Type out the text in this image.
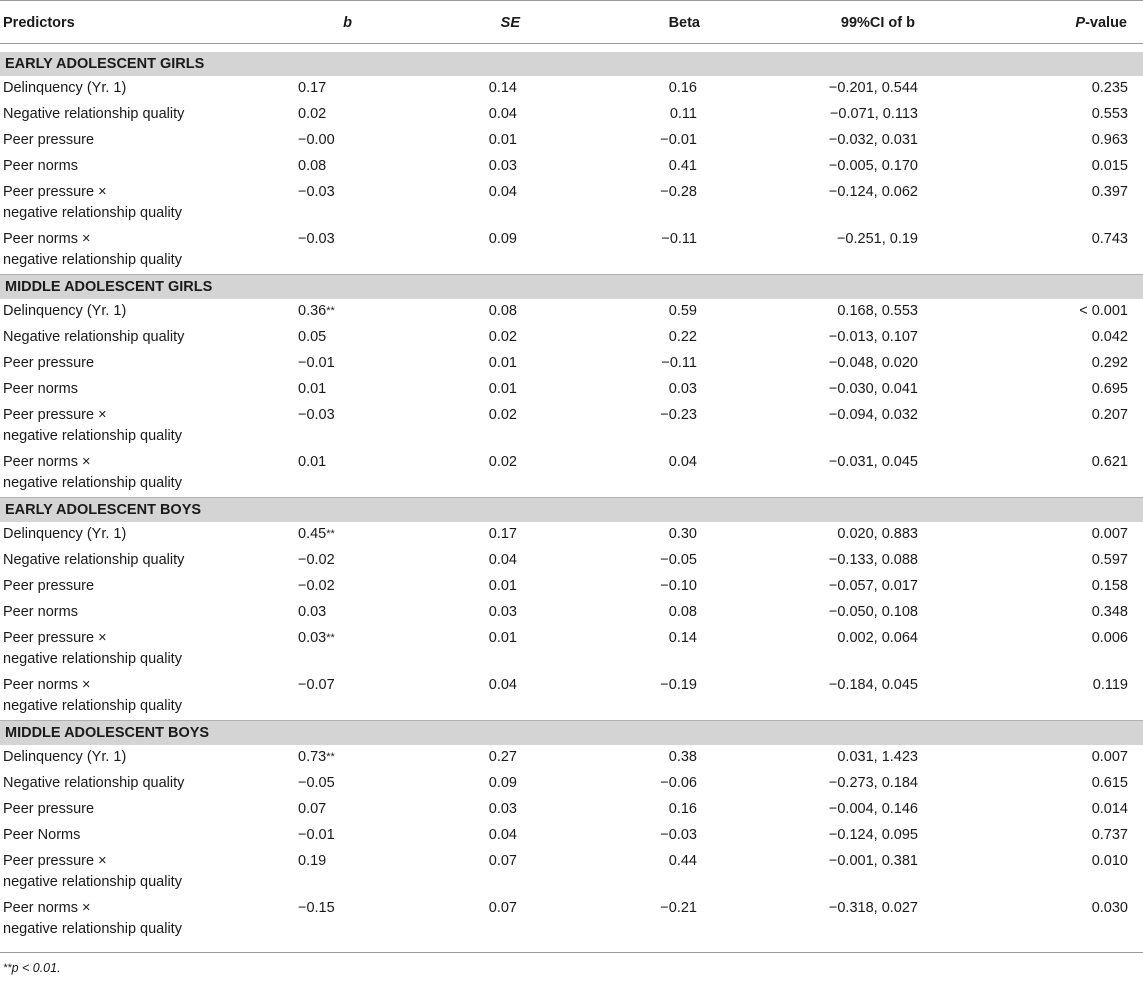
Predictors	b	SE	Beta	99%CI of b	P-value

EARLY ADOLESCENT GIRLS					

Delinquency (Yr. 1)	0.17	0.14	0.16	−0.201, 0.544	0.235

Negative relationship quality	0.02	0.04	0.11	−0.071, 0.113	0.553

Peer pressure	−0.00	0.01	−0.01	−0.032, 0.031	0.963

Peer norms	0.08	0.03	0.41	−0.005, 0.170	0.015

Peer pressure ×
negative relationship quality	−0.03	0.04	−0.28	−0.124, 0.062	0.397

Peer norms ×
negative relationship quality	−0.03	0.09	−0.11	−0.251, 0.19	0.743
MIDDLE ADOLESCENT GIRLS					

Delinquency (Yr. 1)	0.36**	0.08	0.59	0.168, 0.553	< 0.001

Negative relationship quality	0.05	0.02	0.22	−0.013, 0.107	0.042

Peer pressure	−0.01	0.01	−0.11	−0.048, 0.020	0.292

Peer norms	0.01	0.01	0.03	−0.030, 0.041	0.695

Peer pressure ×
negative relationship quality	−0.03	0.02	−0.23	−0.094, 0.032	0.207

Peer norms ×
negative relationship quality	0.01	0.02	0.04	−0.031, 0.045	0.621
EARLY ADOLESCENT BOYS					

Delinquency (Yr. 1)	0.45**	0.17	0.30	0.020, 0.883	0.007

Negative relationship quality	−0.02	0.04	−0.05	−0.133, 0.088	0.597

Peer pressure	−0.02	0.01	−0.10	−0.057, 0.017	0.158

Peer norms	0.03	0.03	0.08	−0.050, 0.108	0.348

Peer pressure ×
negative relationship quality	0.03**	0.01	0.14	0.002, 0.064	0.006

Peer norms ×
negative relationship quality	−0.07	0.04	−0.19	−0.184, 0.045	0.119
MIDDLE ADOLESCENT BOYS					

Delinquency (Yr. 1)	0.73**	0.27	0.38	0.031, 1.423	0.007

Negative relationship quality	−0.05	0.09	−0.06	−0.273, 0.184	0.615

Peer pressure	0.07	0.03	0.16	−0.004, 0.146	0.014

Peer Norms	−0.01	0.04	−0.03	−0.124, 0.095	0.737

Peer pressure ×
negative relationship quality	0.19	0.07	0.44	−0.001, 0.381	0.010

Peer norms ×
negative relationship quality	−0.15	0.07	−0.21	−0.318, 0.027	0.030
**p < 0.01.
